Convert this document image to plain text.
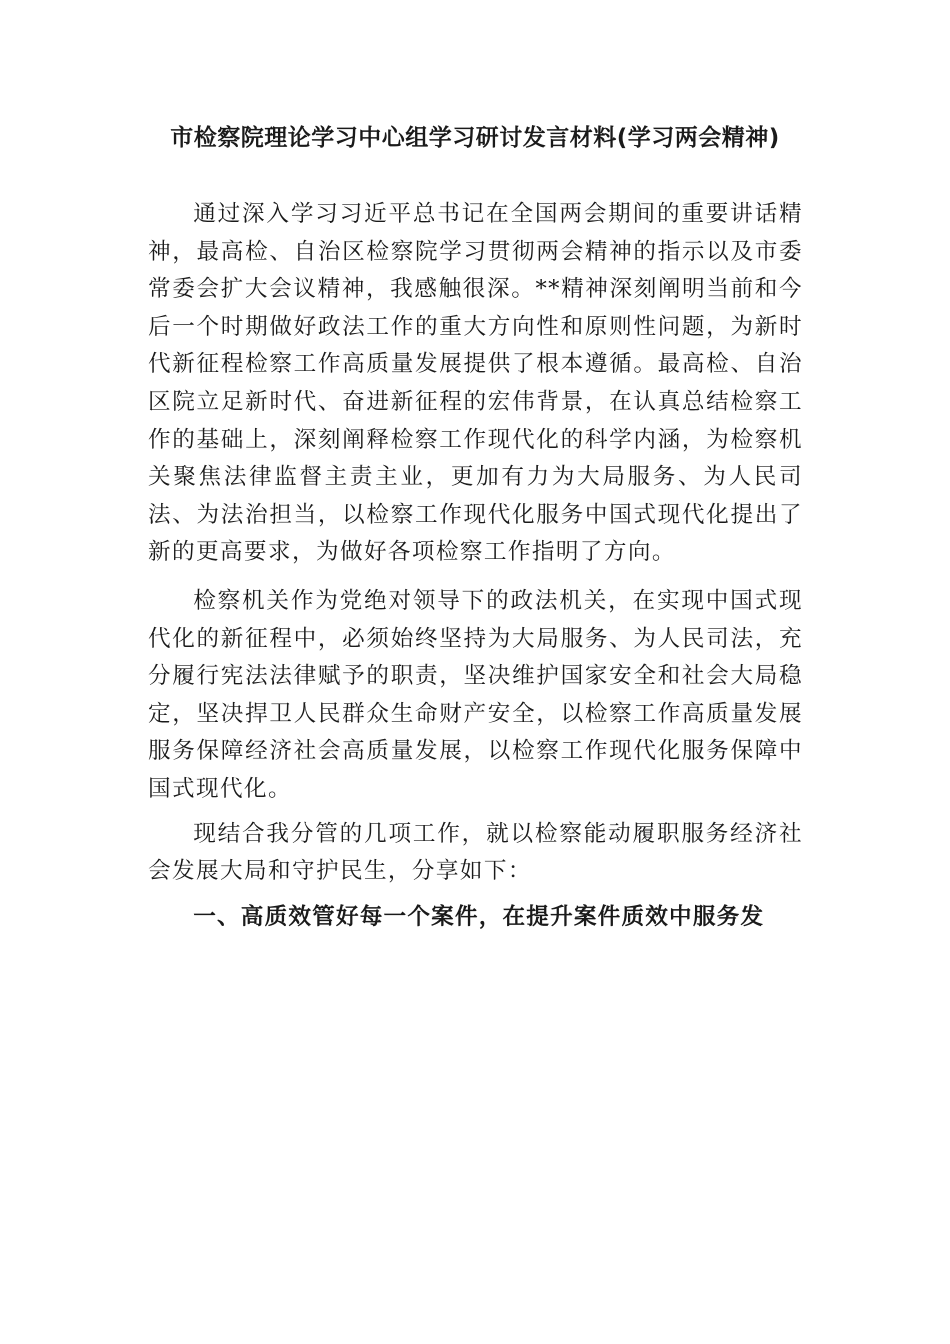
市检察院理论学习中心组学习研讨发言材料(学习两会精神)

通过深入学习习近平总书记在全国两会期间的重要讲话精神，最高检、自治区检察院学习贯彻两会精神的指示以及市委常委会扩大会议精神，我感触很深。**精神深刻阐明当前和今后一个时期做好政法工作的重大方向性和原则性问题，为新时代新征程检察工作高质量发展提供了根本遵循。最高检、自治区院立足新时代、奋进新征程的宏伟背景，在认真总结检察工作的基础上，深刻阐释检察工作现代化的科学内涵，为检察机关聚焦法律监督主责主业，更加有力为大局服务、为人民司法、为法治担当，以检察工作现代化服务中国式现代化提出了新的更高要求，为做好各项检察工作指明了方向。

检察机关作为党绝对领导下的政法机关，在实现中国式现代化的新征程中，必须始终坚持为大局服务、为人民司法，充分履行宪法法律赋予的职责，坚决维护国家安全和社会大局稳定，坚决捍卫人民群众生命财产安全，以检察工作高质量发展服务保障经济社会高质量发展，以检察工作现代化服务保障中国式现代化。

现结合我分管的几项工作，就以检察能动履职服务经济社会发展大局和守护民生，分享如下：

一、高质效管好每一个案件，在提升案件质效中服务发
